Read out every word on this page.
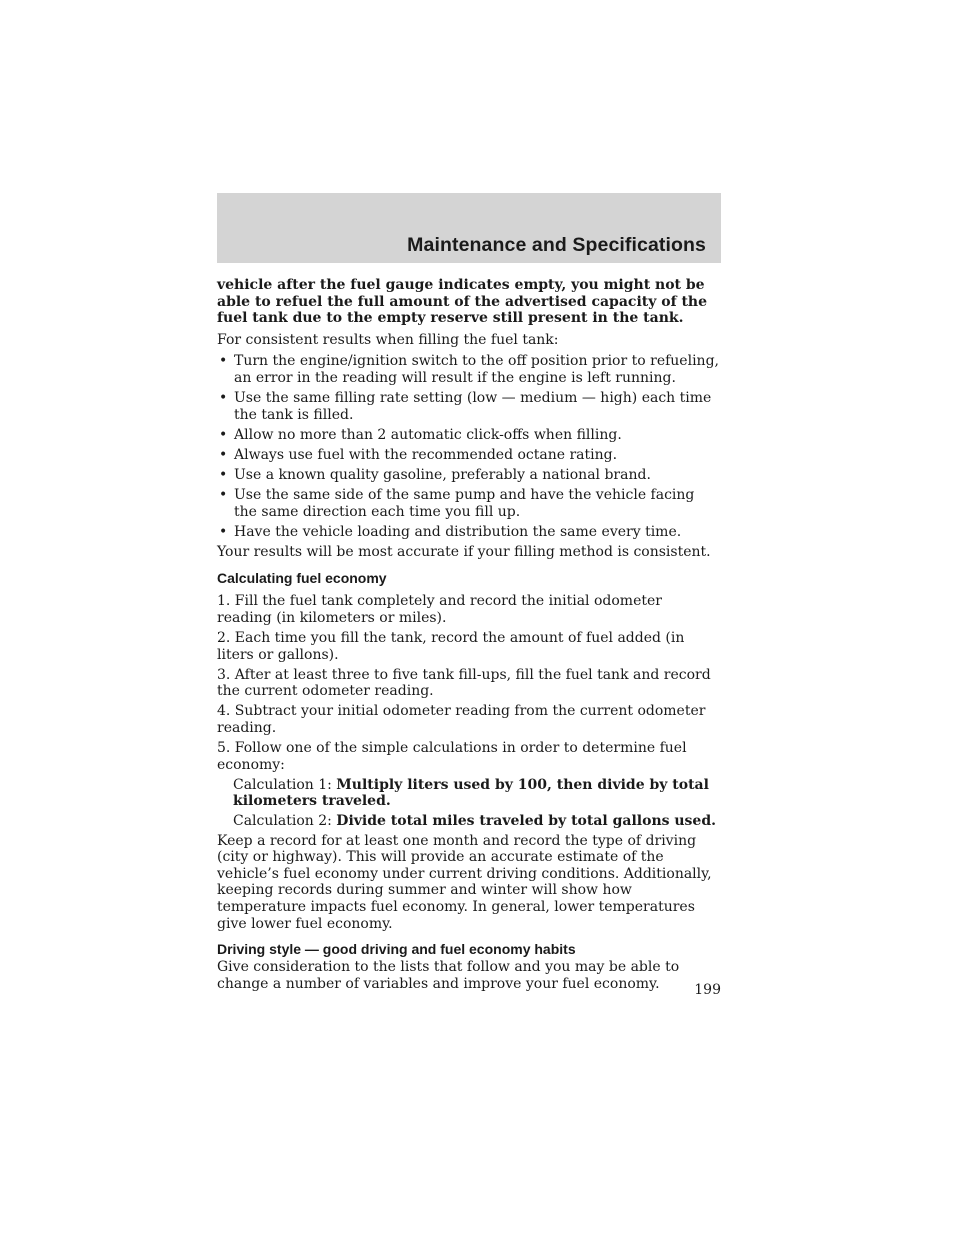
Maintenance and Specifications

vehicle after the fuel gauge indicates empty, you might not be able to refuel the full amount of the advertised capacity of the fuel tank due to the empty reserve still present in the tank.

For consistent results when filling the fuel tank:

• Turn the engine/ignition switch to the off position prior to refueling, an error in the reading will result if the engine is left running.
• Use the same filling rate setting (low — medium — high) each time the tank is filled.
• Allow no more than 2 automatic click-offs when filling.
• Always use fuel with the recommended octane rating.
• Use a known quality gasoline, preferably a national brand.
• Use the same side of the same pump and have the vehicle facing the same direction each time you fill up.
• Have the vehicle loading and distribution the same every time.

Your results will be most accurate if your filling method is consistent.

Calculating fuel economy

1. Fill the fuel tank completely and record the initial odometer reading (in kilometers or miles).

2. Each time you fill the tank, record the amount of fuel added (in liters or gallons).

3. After at least three to five tank fill-ups, fill the fuel tank and record the current odometer reading.

4. Subtract your initial odometer reading from the current odometer reading.

5. Follow one of the simple calculations in order to determine fuel economy:

Calculation 1: Multiply liters used by 100, then divide by total kilometers traveled.

Calculation 2: Divide total miles traveled by total gallons used.

Keep a record for at least one month and record the type of driving (city or highway). This will provide an accurate estimate of the vehicle’s fuel economy under current driving conditions. Additionally, keeping records during summer and winter will show how temperature impacts fuel economy. In general, lower temperatures give lower fuel economy.

Driving style — good driving and fuel economy habits

Give consideration to the lists that follow and you may be able to change a number of variables and improve your fuel economy.	199
